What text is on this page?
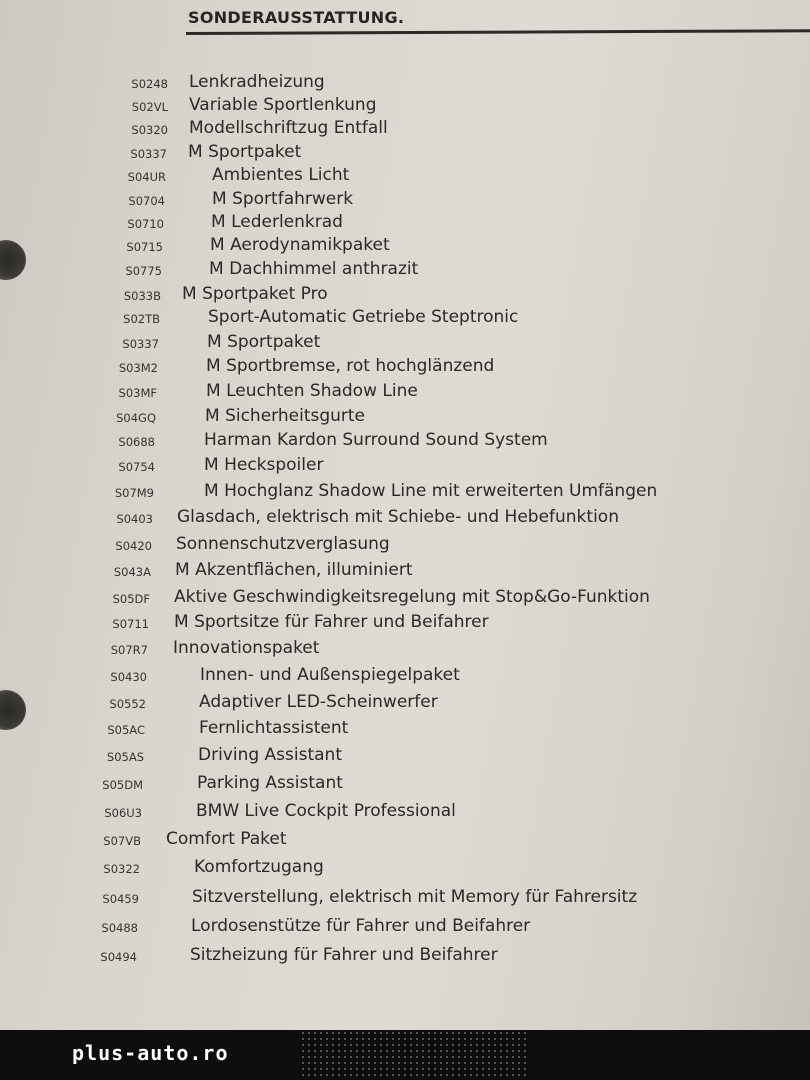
SONDERAUSSTATTUNG.
S0248 Lenkradheizung
S02VL Variable Sportlenkung
S0320 Modellschriftzug Entfall
S0337 M Sportpaket
S04UR	Ambientes Licht
S0704	M Sportfahrwerk
S0710	M Lederlenkrad
S0715	M Aerodynamikpaket
S0775	M Dachhimmel anthrazit
S033B M Sportpaket Pro
S02TB	Sport-Automatic Getriebe Steptronic
S0337	M Sportpaket
S03M2	M Sportbremse, rot hochglänzend
S03MF	M Leuchten Shadow Line
S04GQ	M Sicherheitsgurte
S0688	Harman Kardon Surround Sound System
S0754	M Heckspoiler
S07M9	M Hochglanz Shadow Line mit erweiterten Umfängen
S0403 Glasdach, elektrisch mit Schiebe- und Hebefunktion
S0420 Sonnenschutzverglasung
S043A M Akzentflächen, illuminiert
S05DF Aktive Geschwindigkeitsregelung mit Stop&Go-Funktion
S0711 M Sportsitze für Fahrer und Beifahrer
S07R7 Innovationspaket
S0430	Innen- und Außenspiegelpaket
S0552	Adaptiver LED-Scheinwerfer
S05AC	Fernlichtassistent
S05AS	Driving Assistant
S05DM	Parking Assistant
S06U3	BMW Live Cockpit Professional
S07VB Comfort Paket
S0322	Komfortzugang
S0459	Sitzverstellung, elektrisch mit Memory für Fahrersitz
S0488	Lordosenstütze für Fahrer und Beifahrer
S0494	Sitzheizung für Fahrer und Beifahrer
plus-auto.ro
